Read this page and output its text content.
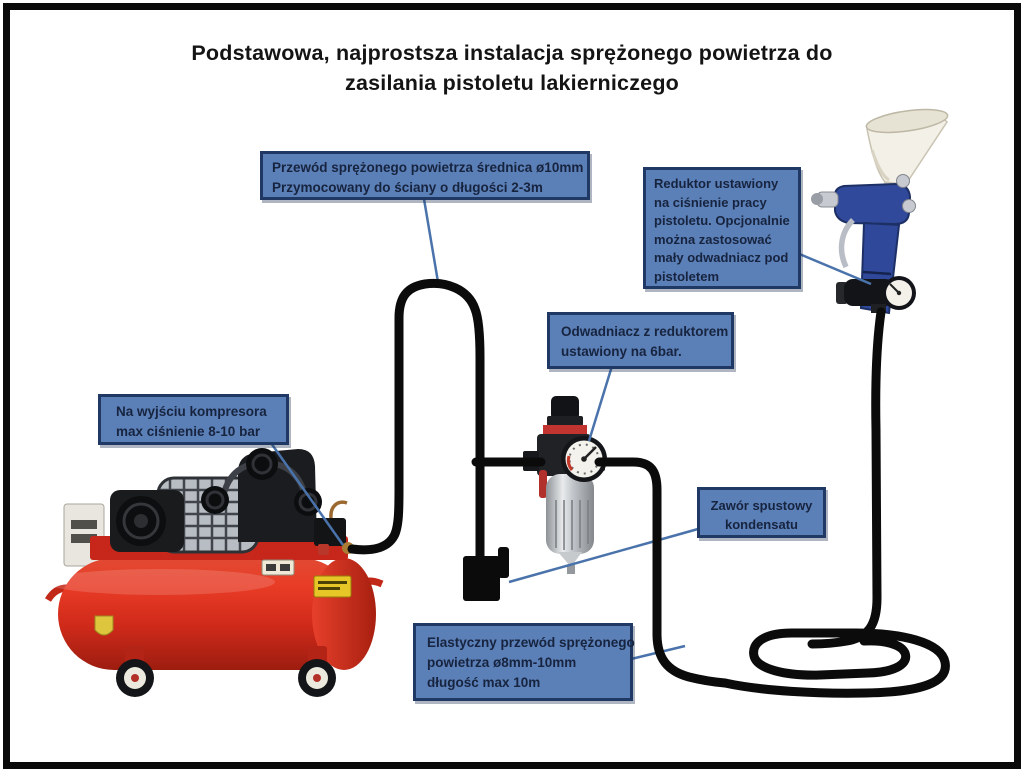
Podstawowa, najprostsza instalacja sprężonego powietrza do
zasilania pistoletu lakierniczego
Przewód sprężonego powietrza średnica ø10mm
Przymocowany do ściany o długości 2-3m	Reduktor ustawiony
na ciśnienie pracy
pistoletu. Opcjonalnie
można zastosować
mały odwadniacz pod
pistoletem
Odwadniacz z reduktorem
ustawiony na 6bar.
Na wyjściu kompresora
max ciśnienie 8-10 bar
Zawór spustowy
kondensatu
Elastyczny przewód sprężonego
powietrza ø8mm-10mm
długość max 10m
